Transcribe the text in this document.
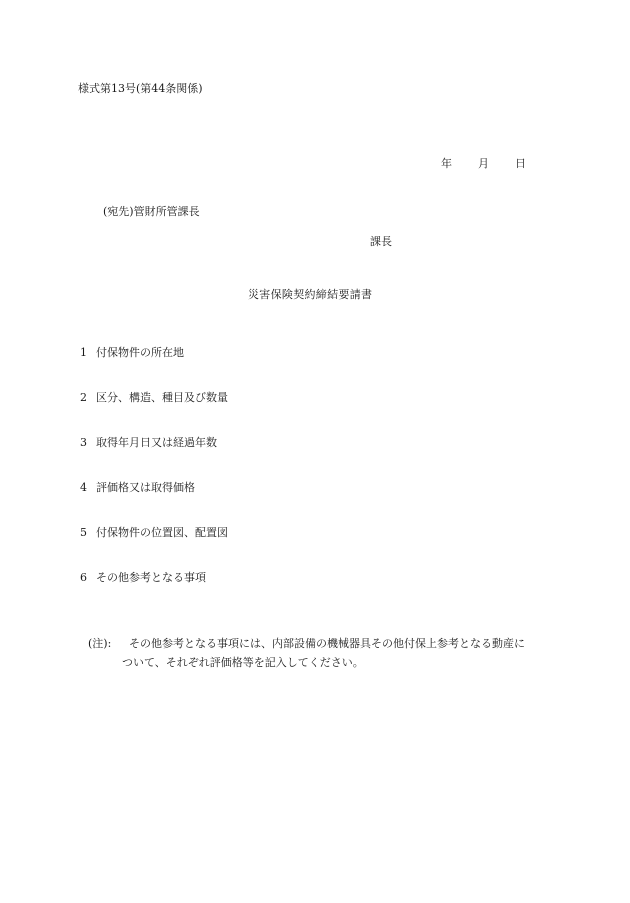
様式第13号(第44条関係)
年 月 日
(宛先)管財所管課長
課長
災害保険契約締結要請書
1 付保物件の所在地
2 区分、構造、種目及び数量
3 取得年月日又は経過年数
4 評価格又は取得価格
5 付保物件の位置図、配置図
6 その他参考となる事項
(注): その他参考となる事項には、内部設備の機械器具その他付保上参考となる動産に
ついて、それぞれ評価格等を記入してください。
